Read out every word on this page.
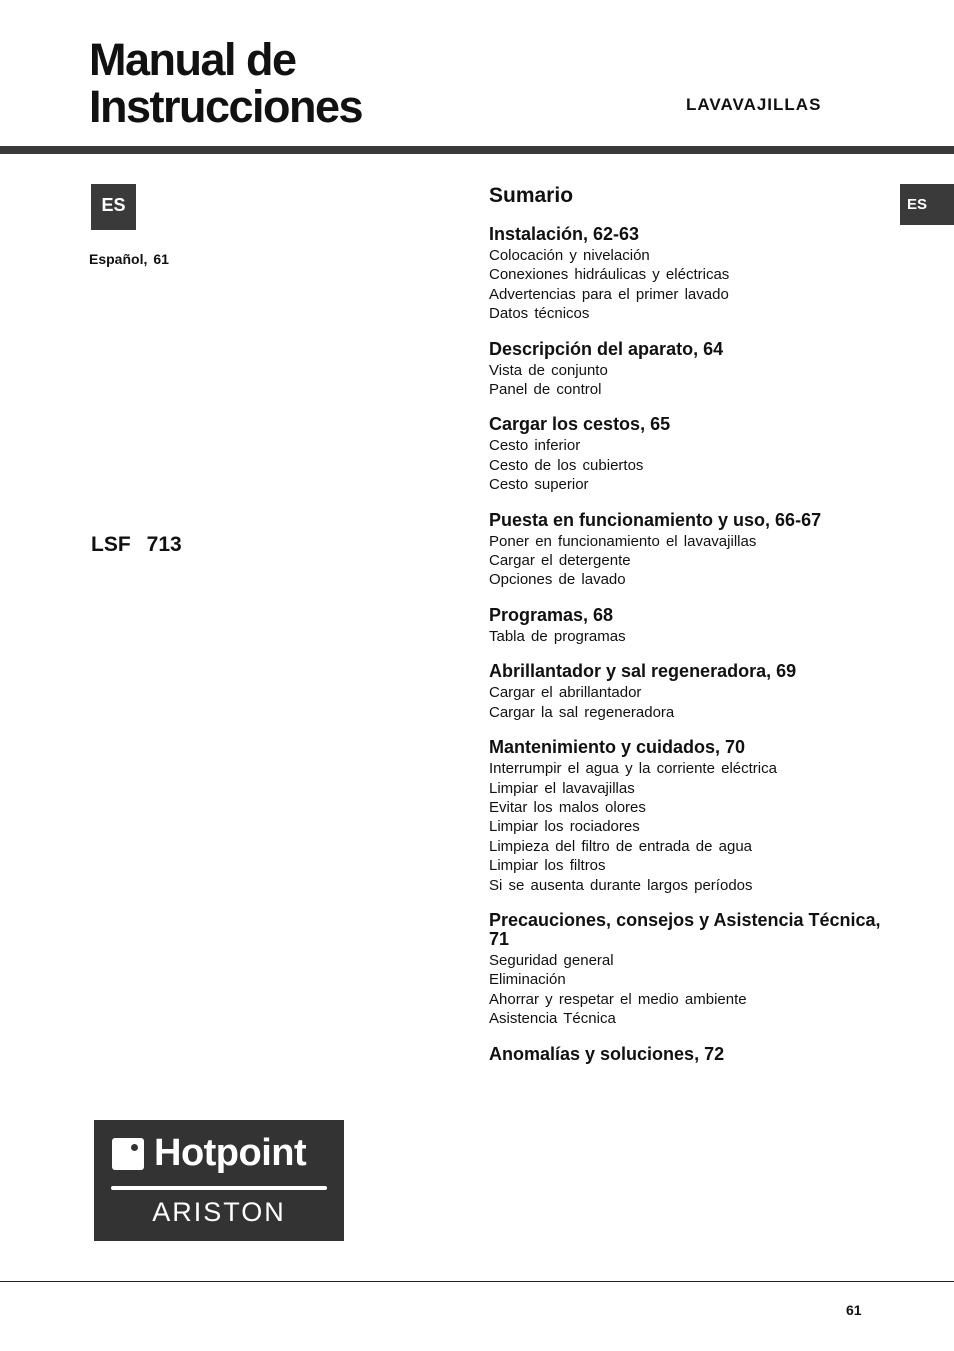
Manual de
Instrucciones	LAVAVAJILLAS
ES
Español, 61
ES
LSF 713
Sumario
Instalación, 62-63
Colocación y nivelación
Conexiones hidráulicas y eléctricas
Advertencias para el primer lavado
Datos técnicos
Descripción del aparato, 64
Vista de conjunto
Panel de control
Cargar los cestos, 65
Cesto inferior
Cesto de los cubiertos
Cesto superior
Puesta en funcionamiento y uso, 66-67
Poner en funcionamiento el lavavajillas
Cargar el detergente
Opciones de lavado
Programas, 68
Tabla de programas
Abrillantador y sal regeneradora, 69
Cargar el abrillantador
Cargar la sal regeneradora
Mantenimiento y cuidados, 70
Interrumpir el agua y la corriente eléctrica
Limpiar el lavavajillas
Evitar los malos olores
Limpiar los rociadores
Limpieza del filtro de entrada de agua
Limpiar los filtros
Si se ausenta durante largos períodos
Precauciones, consejos y Asistencia Técnica, 71
Seguridad general
Eliminación
Ahorrar y respetar el medio ambiente
Asistencia Técnica
Anomalías y soluciones, 72
Hotpoint
ARISTON
61
